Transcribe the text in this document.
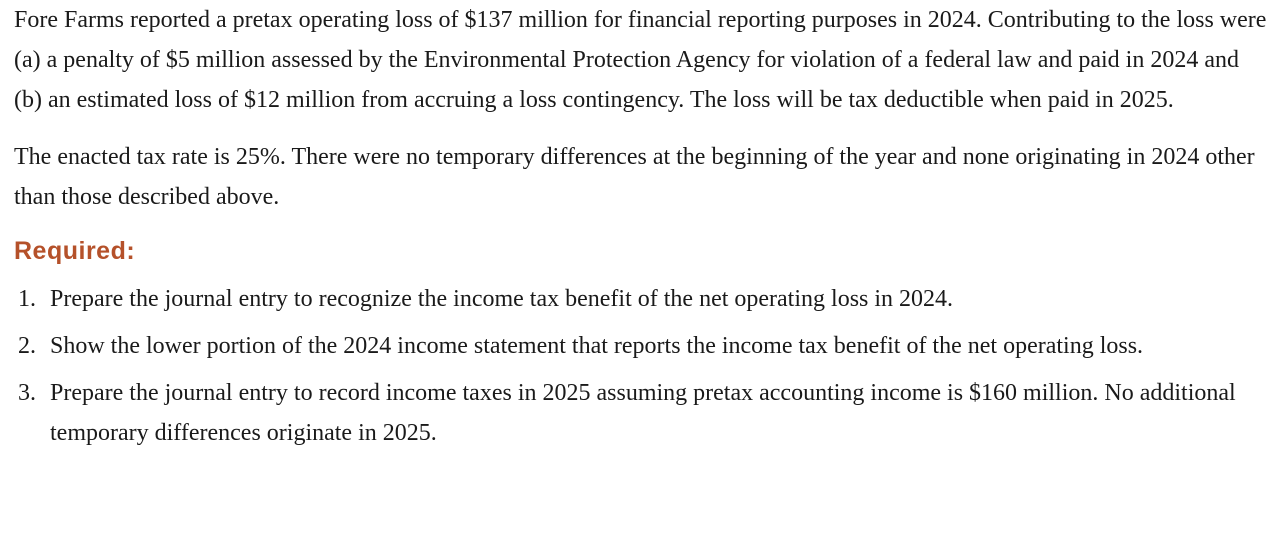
Fore Farms reported a pretax operating loss of $137 million for financial reporting purposes in 2024. Contributing to the loss were (a) a penalty of $5 million assessed by the Environmental Protection Agency for violation of a federal law and paid in 2024 and (b) an estimated loss of $12 million from accruing a loss contingency. The loss will be tax deductible when paid in 2025.

The enacted tax rate is 25%. There were no temporary differences at the beginning of the year and none originating in 2024 other than those described above.

Required:
1. Prepare the journal entry to recognize the income tax benefit of the net operating loss in 2024.
2. Show the lower portion of the 2024 income statement that reports the income tax benefit of the net operating loss.
3. Prepare the journal entry to record income taxes in 2025 assuming pretax accounting income is $160 million. No additional temporary differences originate in 2025.
